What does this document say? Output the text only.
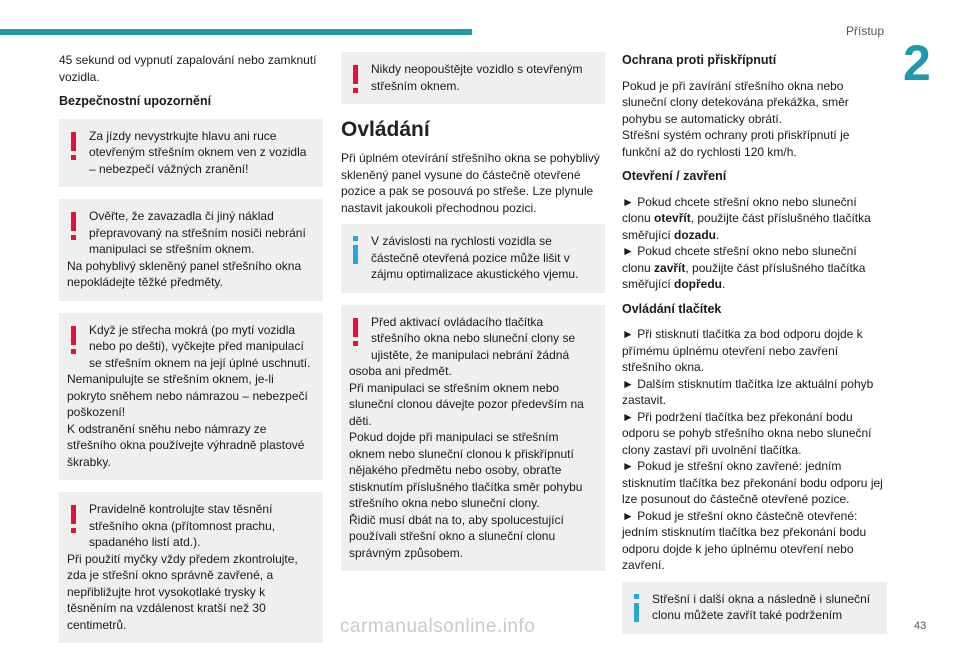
Přístup
2

45 sekund od vypnutí zapalování nebo zamknutí vozidla.

Bezpečnostní upozornění
Za jízdy nevystrkujte hlavu ani ruce otevřeným střešním oknem ven z vozidla – nebezpečí vážných zranění!
Ověřte, že zavazadla či jiný náklad přepravovaný na střešním nosiči nebrání manipulaci se střešním oknem.
Na pohyblivý skleněný panel střešního okna nepokládejte těžké předměty.
Když je střecha mokrá (po mytí vozidla nebo po dešti), vyčkejte před manipulací se střešním oknem na její úplné uschnutí.
Nemanipulujte se střešním oknem, je-li pokryto sněhem nebo námrazou – nebezpečí poškození!
K odstranění sněhu nebo námrazy ze střešního okna používejte výhradně plastové škrabky.
Pravidelně kontrolujte stav těsnění střešního okna (přítomnost prachu, spadaného listí atd.).
Při použití myčky vždy předem zkontrolujte, zda je střešní okno správně zavřené, a nepřibližujte hrot vysokotlaké trysky k těsněním na vzdálenost kratší než 30 centimetrů.
Nikdy neopouštějte vozidlo s otevřeným střešním oknem.
Ovládání

Při úplném otevírání střešního okna se pohyblivý skleněný panel vysune do částečně otevřené pozice a pak se posouvá po střeše. Lze plynule nastavit jakoukoli přechodnou pozici.

V závislosti na rychlosti vozidla se částečně otevřená pozice může lišit v zájmu optimalizace akustického vjemu.
Před aktivací ovládacího tlačítka střešního okna nebo sluneční clony se ujistěte, že manipulaci nebrání žádná osoba ani předmět.
Při manipulaci se střešním oknem nebo sluneční clonou dávejte pozor především na děti.
Pokud dojde při manipulaci se střešním oknem nebo sluneční clonou k přiskřípnutí nějakého předmětu nebo osoby, obraťte stisknutím příslušného tlačítka směr pohybu střešního okna nebo sluneční clony.
Řidič musí dbát na to, aby spolucestující používali střešní okno a sluneční clonu správným způsobem.
Ochrana proti přiskřípnutí

Pokud je při zavírání střešního okna nebo sluneční clony detekována překážka, směr pohybu se automaticky obrátí.
Střešní systém ochrany proti přiskřípnutí je funkční až do rychlosti 120 km/h.

Otevření / zavření

► Pokud chcete střešní okno nebo sluneční clonu otevřít, použijte část příslušného tlačítka směřující dozadu.

► Pokud chcete střešní okno nebo sluneční clonu zavřít, použijte část příslušného tlačítka směřující dopředu.

Ovládání tlačítek
► Při stisknutí tlačítka za bod odporu dojde k přímému úplnému otevření nebo zavření střešního okna.
► Dalším stisknutím tlačítka lze aktuální pohyb zastavit.
► Při podržení tlačítka bez překonání bodu odporu se pohyb střešního okna nebo sluneční clony zastaví při uvolnění tlačítka.
► Pokud je střešní okno zavřené: jedním stisknutím tlačítka bez překonání bodu odporu jej lze posunout do částečně otevřené pozice.
► Pokud je střešní okno částečně otevřené: jedním stisknutím tlačítka bez překonání bodu odporu dojde k jeho úplnému otevření nebo zavření.
Střešní i další okna a následně i sluneční clonu můžete zavřít také podržením
carmanualsonline.info	43
